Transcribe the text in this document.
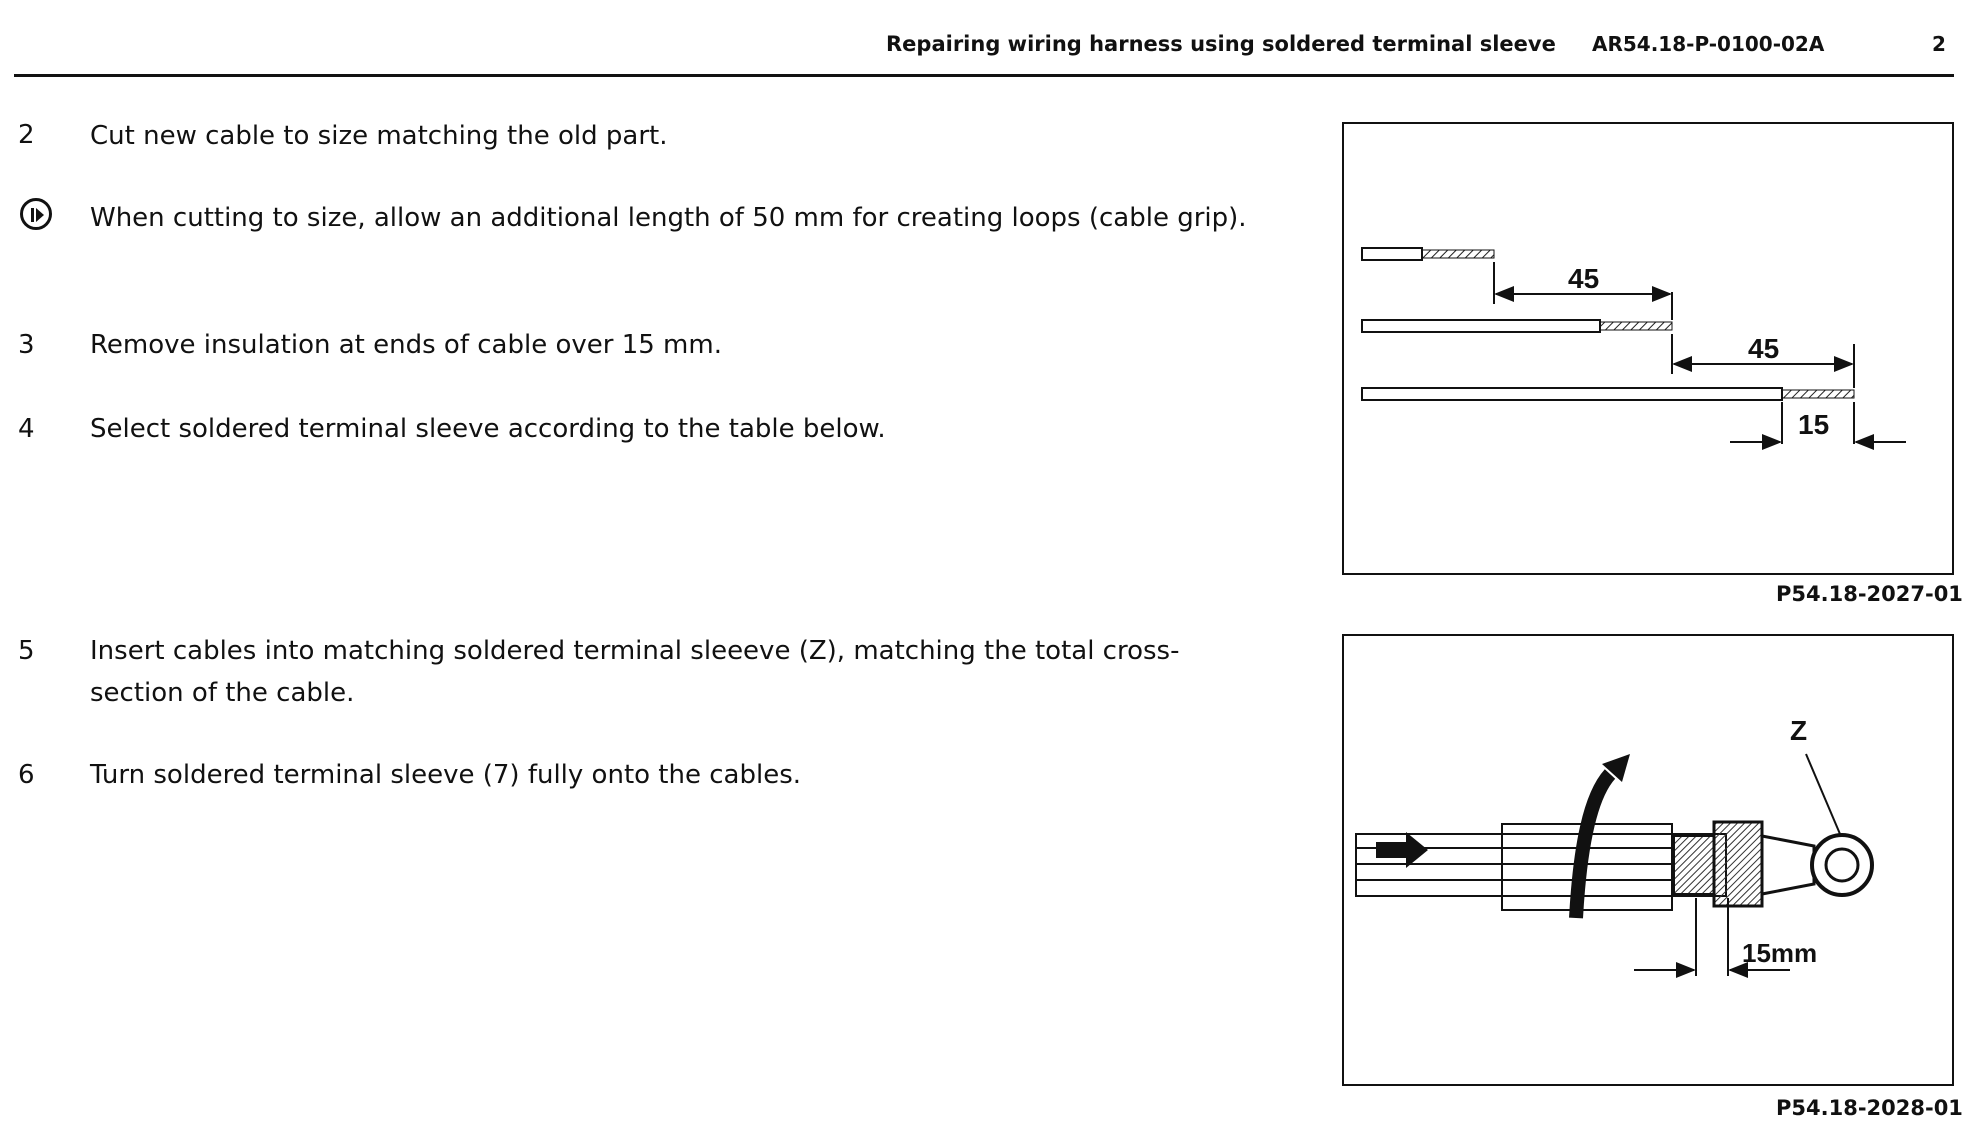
Repairing wiring harness using soldered terminal sleeve AR54.18-P-0100-02A	2
2 Cut new cable to size matching the old part.
When cutting to size, allow an additional length of 50 mm for creating loops (cable grip).
3 Remove insulation at ends of cable over 15 mm.
4 Select soldered terminal sleeve according to the table below.
5 Insert cables into matching soldered terminal sleeeve (Z), matching the total cross-section of the cable.
6 Turn soldered terminal sleeve (7) fully onto the cables.
45
45
15
P54.18-2027-01
Z
15mm
P54.18-2028-01
